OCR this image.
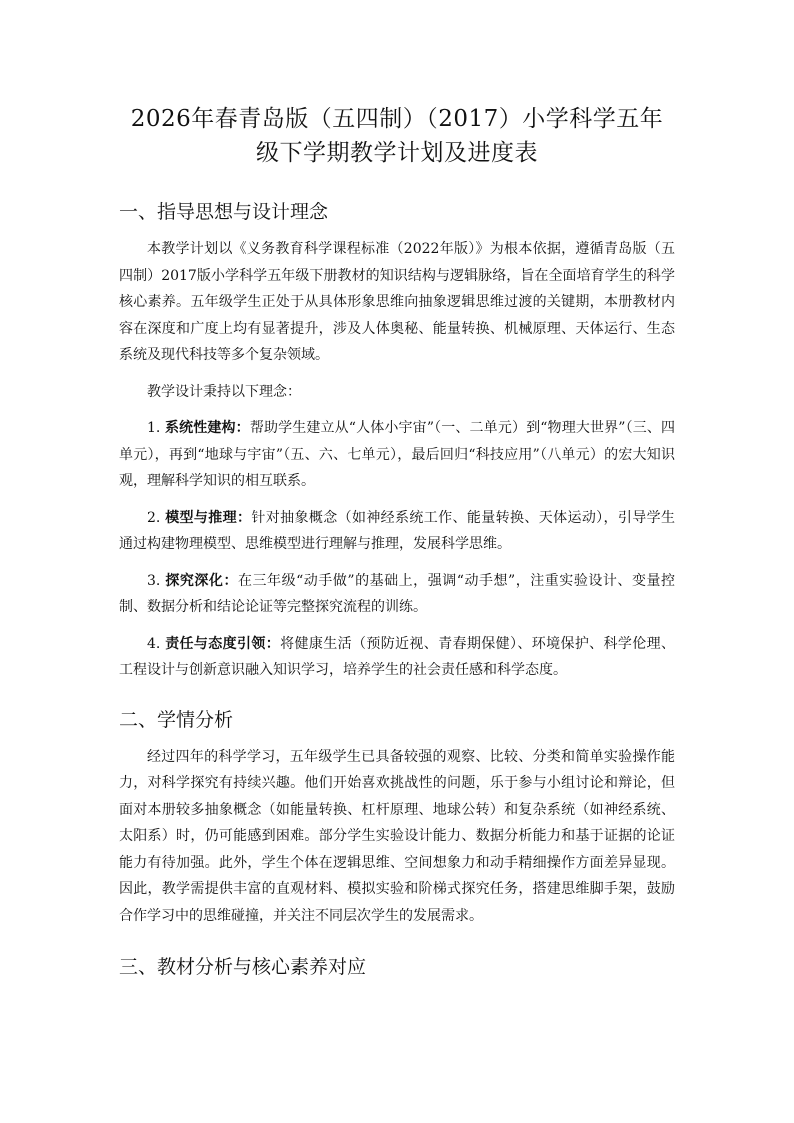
2026年春青岛版（五四制）（2017）小学科学五年
级下学期教学计划及进度表
一、指导思想与设计理念

本教学计划以《义务教育科学课程标准（2022年版）》为根本依据，遵循青岛版（五四制）2017版小学科学五年级下册教材的知识结构与逻辑脉络，旨在全面培育学生的科学核心素养。五年级学生正处于从具体形象思维向抽象逻辑思维过渡的关键期，本册教材内容在深度和广度上均有显著提升，涉及人体奥秘、能量转换、机械原理、天体运行、生态系统及现代科技等多个复杂领域。

教学设计秉持以下理念：

1. 系统性建构：帮助学生建立从“人体小宇宙”（一、二单元）到“物理大世界”（三、四单元），再到“地球与宇宙”（五、六、七单元），最后回归“科技应用”（八单元）的宏大知识观，理解科学知识的相互联系。

2. 模型与推理：针对抽象概念（如神经系统工作、能量转换、天体运动），引导学生通过构建物理模型、思维模型进行理解与推理，发展科学思维。

3. 探究深化：在三年级“动手做”的基础上，强调“动手想”，注重实验设计、变量控制、数据分析和结论论证等完整探究流程的训练。

4. 责任与态度引领：将健康生活（预防近视、青春期保健）、环境保护、科学伦理、工程设计与创新意识融入知识学习，培养学生的社会责任感和科学态度。

二、学情分析

经过四年的科学学习，五年级学生已具备较强的观察、比较、分类和简单实验操作能力，对科学探究有持续兴趣。他们开始喜欢挑战性的问题，乐于参与小组讨论和辩论，但面对本册较多抽象概念（如能量转换、杠杆原理、地球公转）和复杂系统（如神经系统、太阳系）时，仍可能感到困难。部分学生实验设计能力、数据分析能力和基于证据的论证能力有待加强。此外，学生个体在逻辑思维、空间想象力和动手精细操作方面差异显现。因此，教学需提供丰富的直观材料、模拟实验和阶梯式探究任务，搭建思维脚手架，鼓励合作学习中的思维碰撞，并关注不同层次学生的发展需求。

三、教材分析与核心素养对应
